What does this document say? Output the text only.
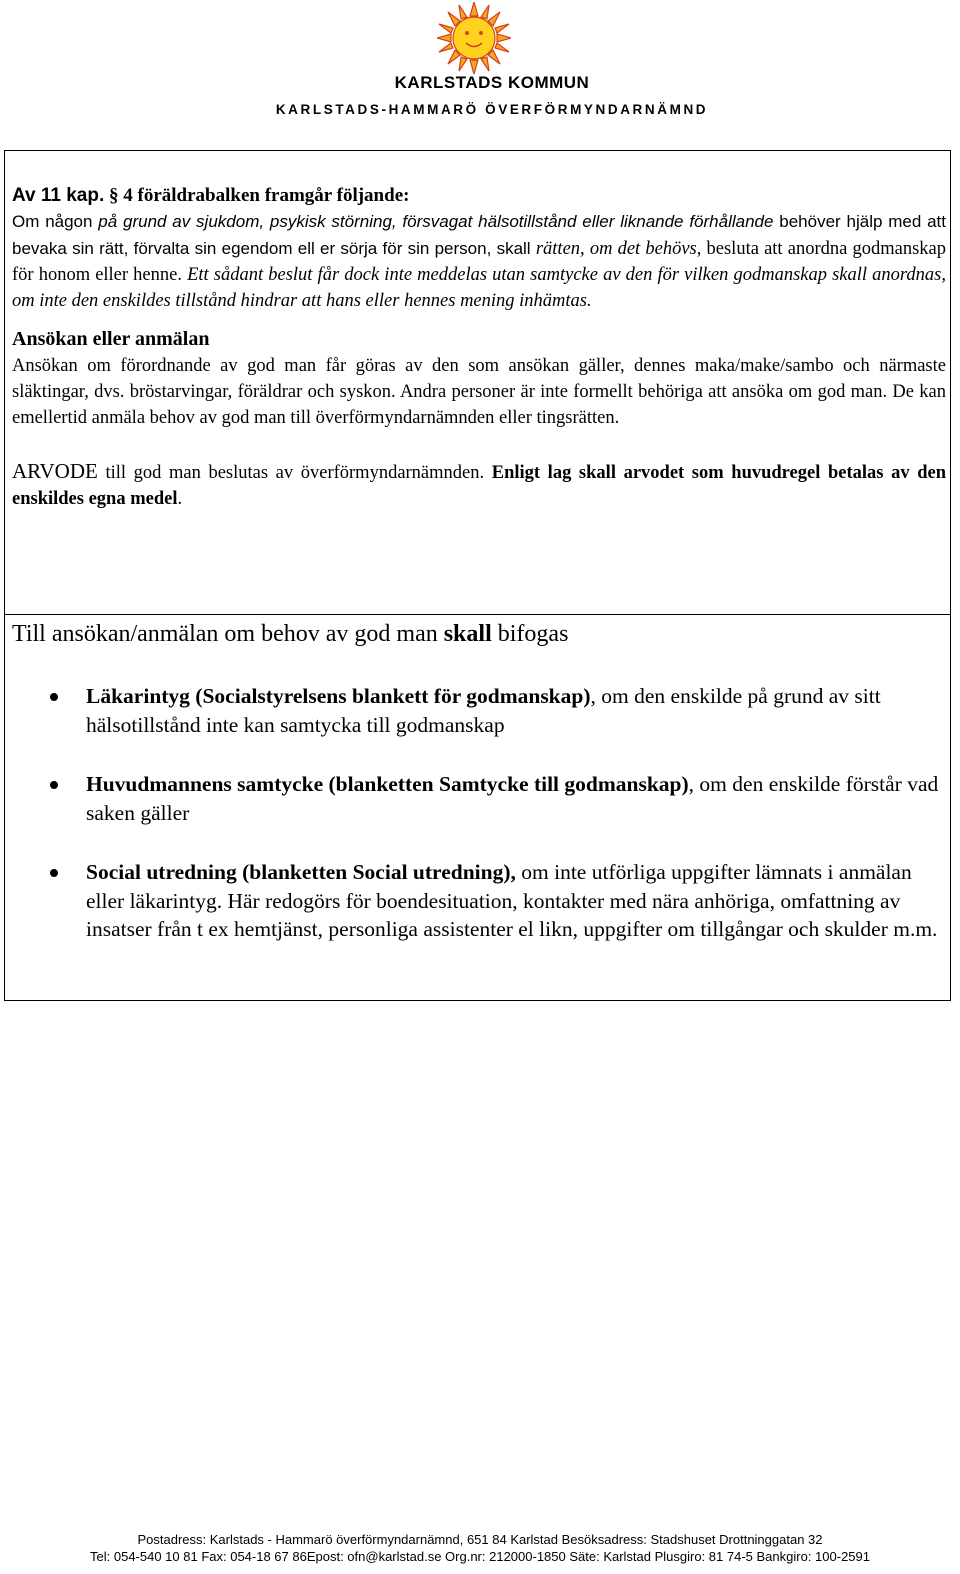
KARLSTADS KOMMUN
KARLSTADS-HAMMARÖ ÖVERFÖRMYNDARNÄMND

Av 11 kap. § 4 föräldrabalken framgår följande:

Om någon på grund av sjukdom, psykisk störning, försvagat hälsotillstånd eller liknande förhållande behöver hjälp med att bevaka sin rätt, förvalta sin egendom ell er sörja för sin person, skall rätten, om det behövs, besluta att anordna godmanskap för honom eller henne. Ett sådant beslut får dock inte meddelas utan samtycke av den för vilken godmanskap skall anordnas, om inte den enskildes tillstånd hindrar att hans eller hennes mening inhämtas.

Ansökan eller anmälan

Ansökan om förordnande av god man får göras av den som ansökan gäller, dennes maka/make/sambo och närmaste släktingar, dvs. bröstarvingar, föräldrar och syskon. Andra personer är inte formellt behöriga att ansöka om god man. De kan emellertid anmäla behov av god man till överförmyndarnämnden eller tingsrätten.

ARVODE till god man beslutas av överförmyndarnämnden. Enligt lag skall arvodet som huvudregel betalas av den enskildes egna medel.

Till ansökan/anmälan om behov av god man skall bifogas
Läkarintyg (Socialstyrelsens blankett för godmanskap), om den enskilde på grund av sitt hälsotillstånd inte kan samtycka till godmanskap
Huvudmannens samtycke (blanketten Samtycke till godmanskap), om den enskilde förstår vad saken gäller
Social utredning (blanketten Social utredning), om inte utförliga uppgifter lämnats i anmälan eller läkarintyg. Här redogörs för boendesituation, kontakter med nära anhöriga, omfattning av insatser från t ex hemtjänst, personliga assistenter el likn, uppgifter om tillgångar och skulder m.m.
Postadress: Karlstads - Hammarö överförmyndarnämnd, 651 84 Karlstad Besöksadress: Stadshuset Drottninggatan 32
Tel: 054-540 10 81 Fax: 054-18 67 86Epost: ofn@karlstad.se Org.nr: 212000-1850 Säte: Karlstad Plusgiro: 81 74-5 Bankgiro: 100-2591
